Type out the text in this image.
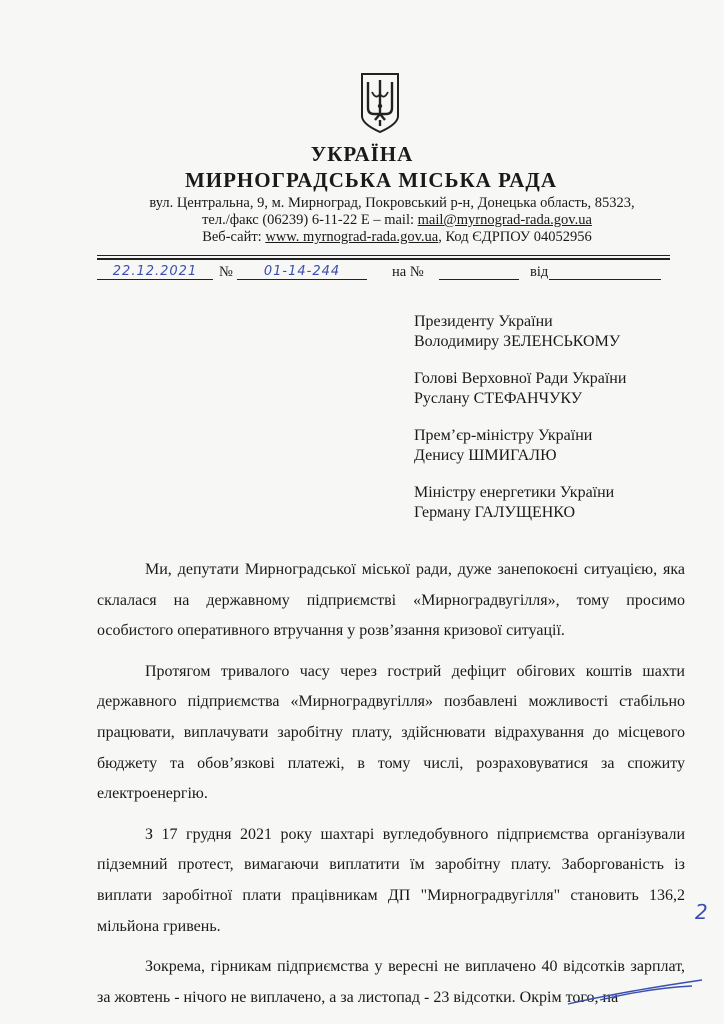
УКРАЇНА
МИРНОГРАДСЬКА МІСЬКА РАДА
вул. Центральна, 9, м. Мирноград, Покровський р-н, Донецька область, 85323,
тел./факс (06239) 6-11-22 E – mail: mail@myrnograd-rada.gov.ua
Веб-сайт: www. myrnograd-rada.gov.ua, Код ЄДРПОУ 04052956
22.12.2021	№	01-14-244	на №	від
Президенту України
Володимиру ЗЕЛЕНСЬКОМУ
Голові Верховної Ради України
Руслану СТЕФАНЧУКУ
Прем’єр-міністру України
Денису ШМИГАЛЮ
Міністру енергетики України
Герману ГАЛУЩЕНКО

Ми, депутати Мирноградської міської ради, дуже занепокоєні ситуацією, яка склалася на державному підприємстві «Мирноградвугілля», тому просимо особистого оперативного втручання у розв’язання кризової ситуації.

Протягом тривалого часу через гострий дефіцит обігових коштів шахти державного підприємства «Мирноградвугілля» позбавлені можливості стабільно працювати, виплачувати заробітну плату, здійснювати відрахування до місцевого бюджету та обов’язкові платежі, в тому числі, розраховуватися за спожиту електроенергію.

З 17 грудня 2021 року шахтарі вугледобувного підприємства організували підземний протест, вимагаючи виплатити їм заробітну плату. Заборгованість із виплати заробітної плати працівникам ДП "Мирноградвугілля" становить 136,2 мільйона гривень.

Зокрема, гірникам підприємства у вересні не виплачено 40 відсотків зарплат, за жовтень - нічого не виплачено, а за листопад - 23 відсотки. Окрім того, на

2
